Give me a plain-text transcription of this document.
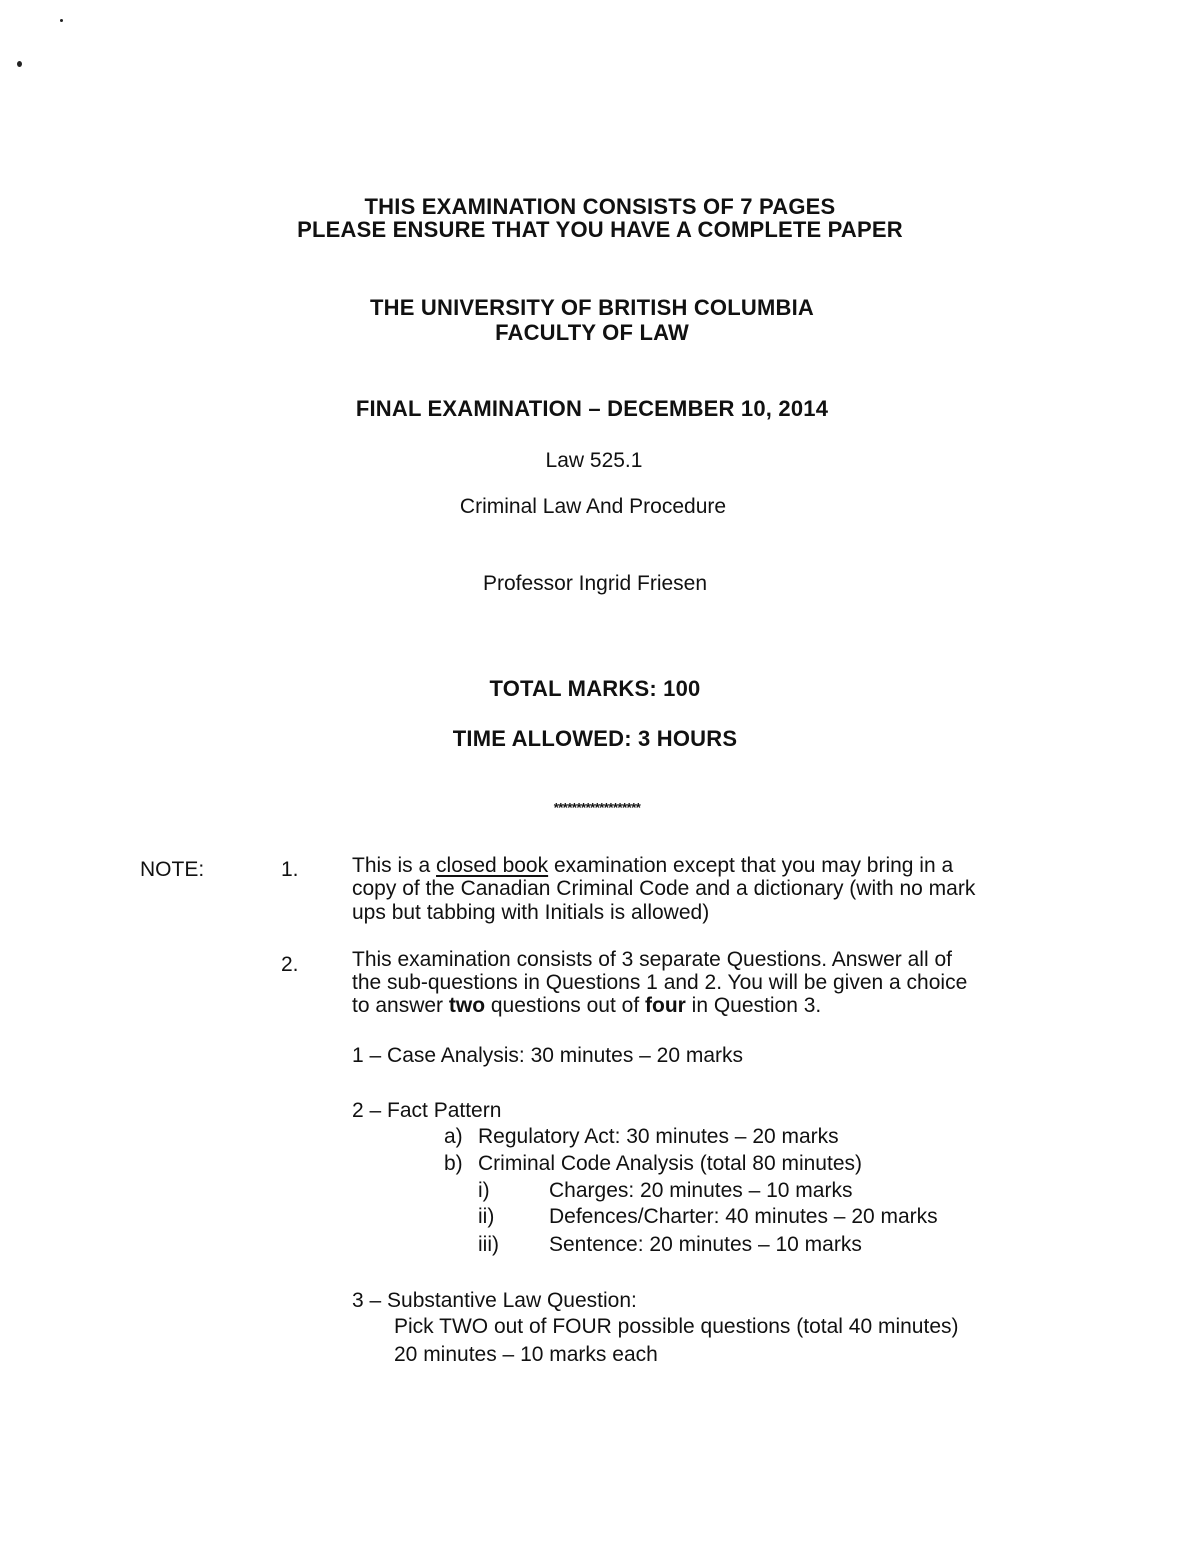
THIS EXAMINATION CONSISTS OF 7 PAGES
PLEASE ENSURE THAT YOU HAVE A COMPLETE PAPER
THE UNIVERSITY OF BRITISH COLUMBIA
FACULTY OF LAW
FINAL EXAMINATION – DECEMBER 10, 2014
Law 525.1
Criminal Law And Procedure
Professor Ingrid Friesen
TOTAL MARKS: 100
TIME ALLOWED: 3 HOURS
*******************
NOTE:	1.	This is a closed book examination except that you may bring in a
copy of the Canadian Criminal Code and a dictionary (with no mark
ups but tabbing with Initials is allowed)
2.	This examination consists of 3 separate Questions. Answer all of
the sub-questions in Questions 1 and 2. You will be given a choice
to answer two questions out of four in Question 3.
1 – Case Analysis: 30 minutes – 20 marks
2 – Fact Pattern
a) Regulatory Act: 30 minutes – 20 marks
b) Criminal Code Analysis (total 80 minutes)
i)	Charges: 20 minutes – 10 marks
ii)	Defences/Charter: 40 minutes – 20 marks
iii) Sentence: 20 minutes – 10 marks
3 – Substantive Law Question:
Pick TWO out of FOUR possible questions (total 40 minutes)
20 minutes – 10 marks each
